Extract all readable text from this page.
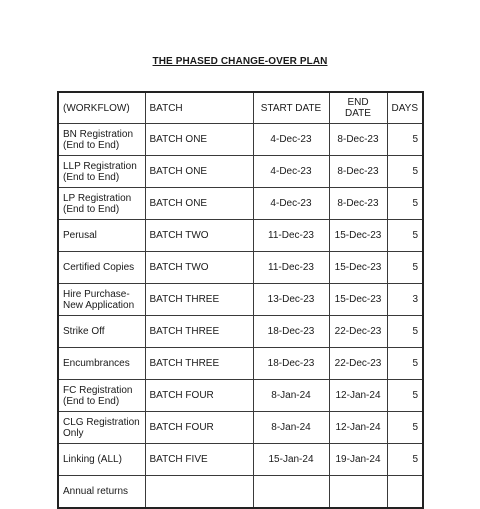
THE PHASED CHANGE-OVER PLAN
(WORKFLOW)	BATCH	START DATE	END DATE	DAYS
BN Registration (End to End)	BATCH ONE	4-Dec-23	8-Dec-23	5
LLP Registration (End to End)	BATCH ONE	4-Dec-23	8-Dec-23	5
LP Registration (End to End)	BATCH ONE	4-Dec-23	8-Dec-23	5
Perusal	BATCH TWO	11-Dec-23	15-Dec-23	5
Certified Copies	BATCH TWO	11-Dec-23	15-Dec-23	5
Hire Purchase- New Application	BATCH THREE	13-Dec-23	15-Dec-23	3
Strike Off	BATCH THREE	18-Dec-23	22-Dec-23	5
Encumbrances	BATCH THREE	18-Dec-23	22-Dec-23	5
FC Registration (End to End)	BATCH FOUR	8-Jan-24	12-Jan-24	5
CLG Registration Only	BATCH FOUR	8-Jan-24	12-Jan-24	5
Linking (ALL)	BATCH FIVE	15-Jan-24	19-Jan-24	5
Annual returns				
